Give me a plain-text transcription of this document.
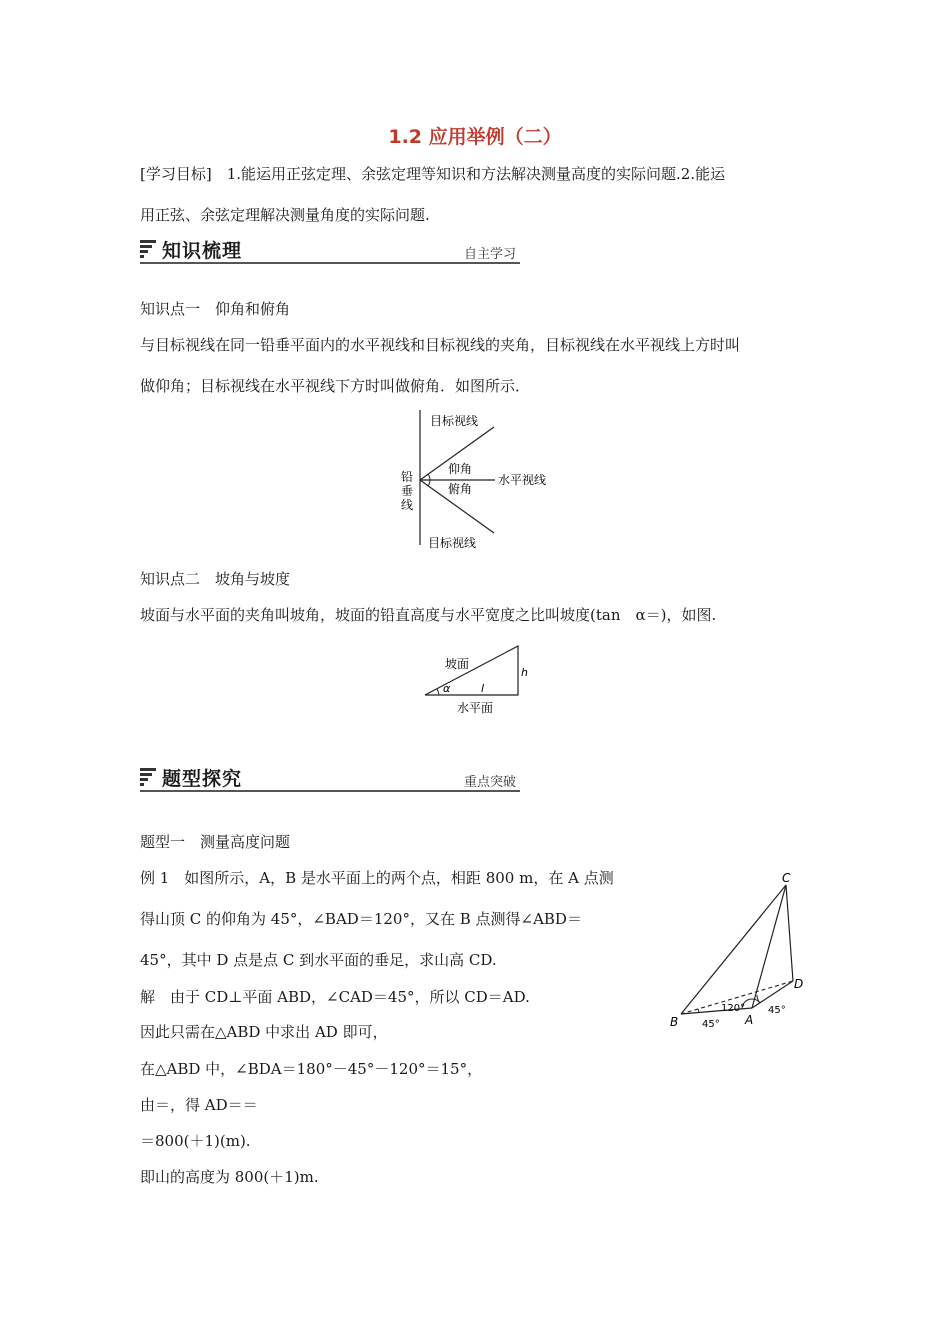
1.2 应用举例（二）
[学习目标]　1.能运用正弦定理、余弦定理等知识和方法解决测量高度的实际问题.2.能运
用正弦、余弦定理解决测量角度的实际问题.
知识梳理	自主学习
知识点一　仰角和俯角
与目标视线在同一铅垂平面内的水平视线和目标视线的夹角，目标视线在水平视线上方时叫
做仰角；目标视线在水平视线下方时叫做俯角．如图所示．
目标视线
目标视线
水平视线
仰角
俯角
铅
垂
线
知识点二　坡角与坡度
坡面与水平面的夹角叫坡角，坡面的铅直高度与水平宽度之比叫坡度(tan　α＝)，如图.
坡面
α	l
h
水平面
题型探究	重点突破
题型一　测量高度问题
例 1　如图所示，A，B 是水平面上的两个点，相距 800 m，在 A 点测
得山顶 C 的仰角为 45°，∠BAD＝120°，又在 B 点测得∠ABD＝
45°，其中 D 点是点 C 到水平面的垂足，求山高 CD.
解　由于 CD⊥平面 ABD，∠CAD＝45°，所以 CD＝AD.
因此只需在△ABD 中求出 AD 即可，
在△ABD 中，∠BDA＝180°－45°－120°＝15°，
由＝，得 AD＝＝
＝800(＋1)(m).
即山的高度为 800(＋1)m.
C
D
B	A
120° 45°
45°
